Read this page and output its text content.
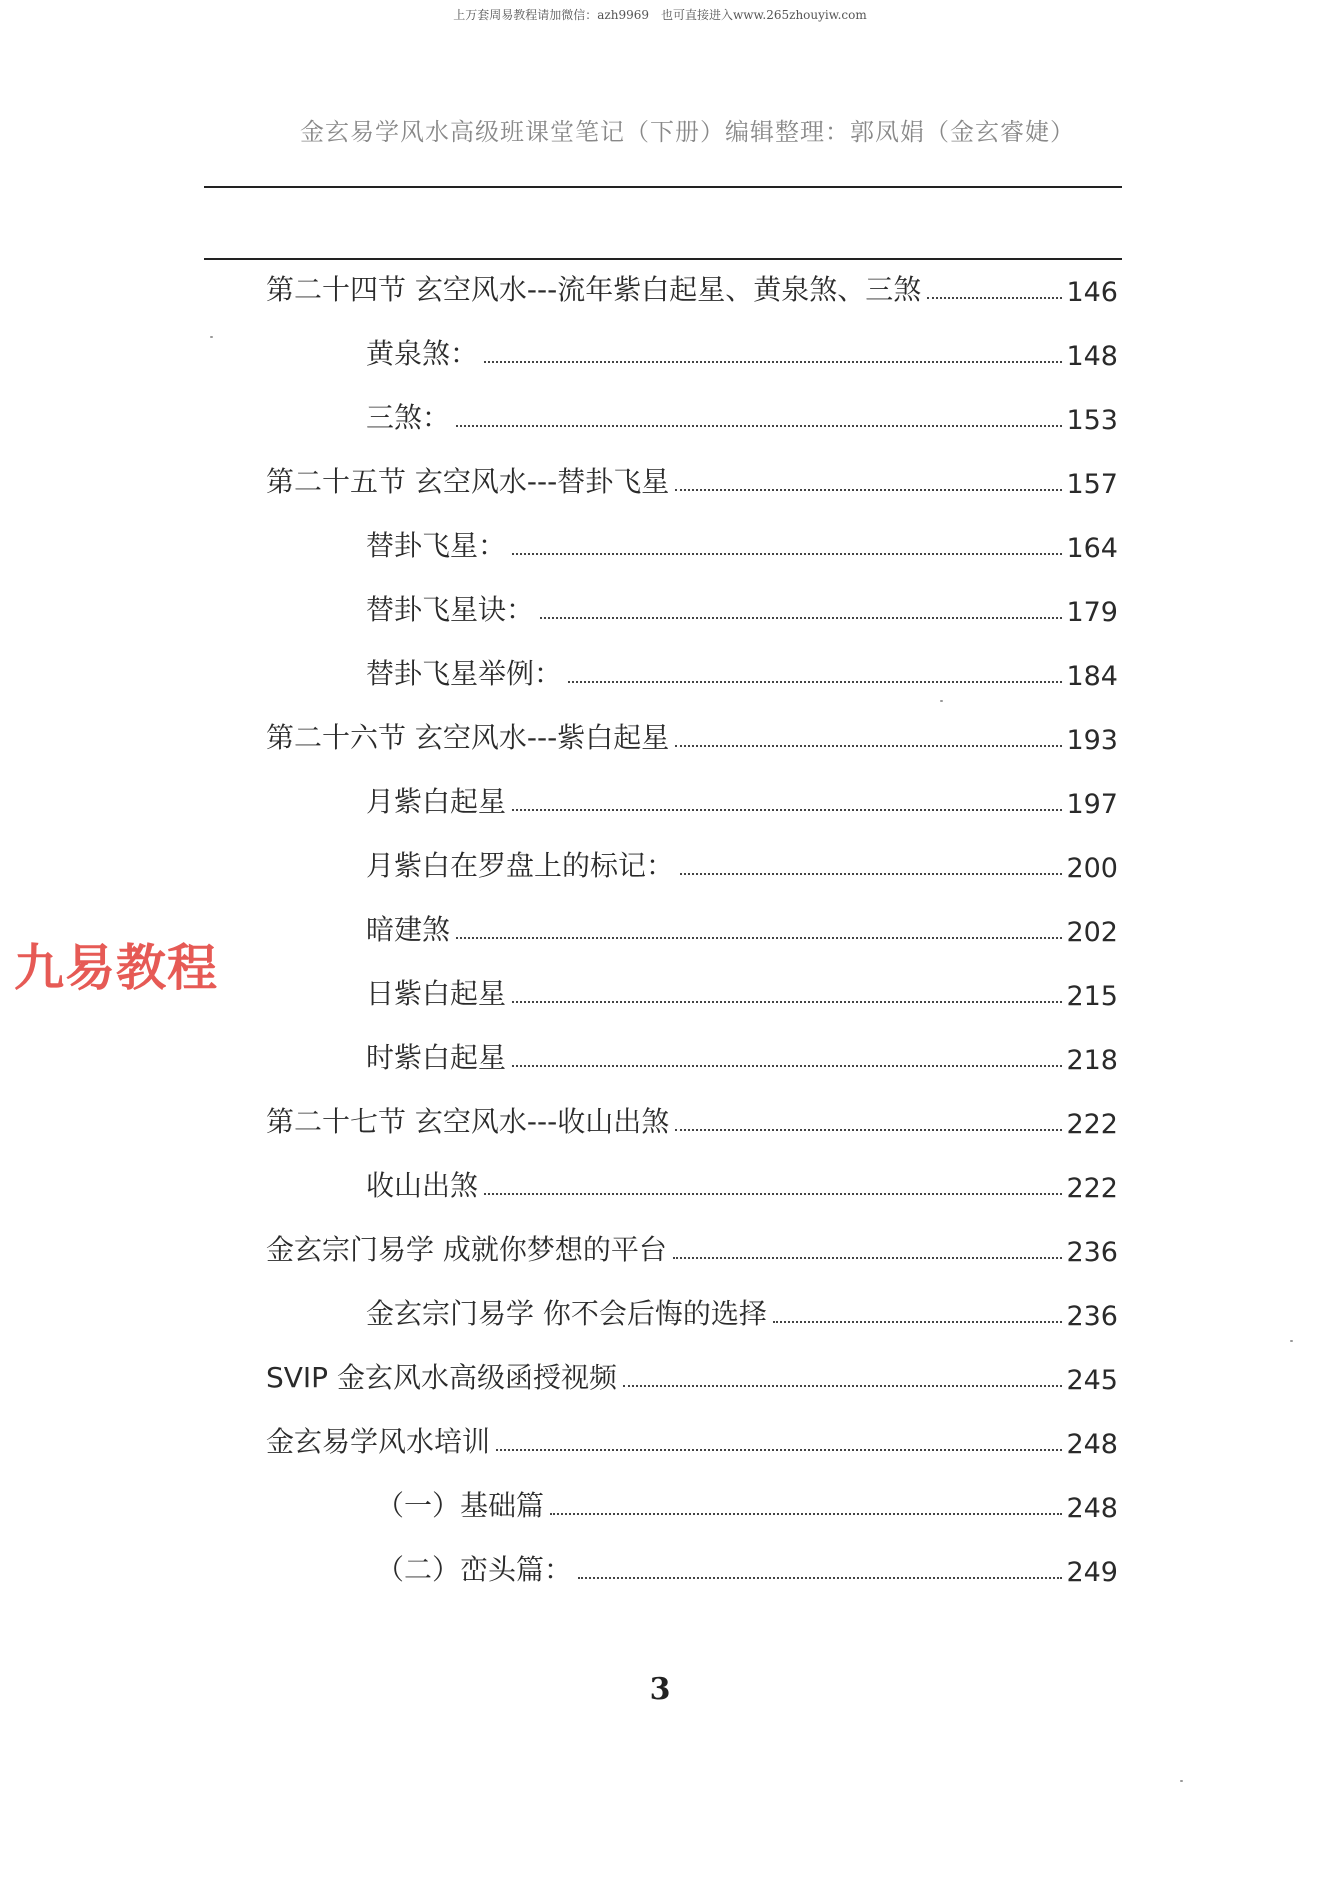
上万套周易教程请加微信：azh9969　也可直接进入www.265zhouyiw.com
金玄易学风水高级班课堂笔记（下册）编辑整理：郭凤娟（金玄睿婕）
第二十四节 玄空风水---流年紫白起星、黄泉煞、三煞	146
黄泉煞：	148
三煞：	153
第二十五节 玄空风水---替卦飞星	157
替卦飞星：	164
替卦飞星诀：	179
替卦飞星举例：	184
第二十六节 玄空风水---紫白起星	193
月紫白起星	197
月紫白在罗盘上的标记：	200
暗建煞	202
日紫白起星	215
时紫白起星	218
第二十七节 玄空风水---收山出煞	222
收山出煞	222
金玄宗门易学 成就你梦想的平台	236
金玄宗门易学 你不会后悔的选择	236
SVIP 金玄风水高级函授视频	245
金玄易学风水培训	248
（一）基础篇	248
（二）峦头篇：	249
九易教程
3
